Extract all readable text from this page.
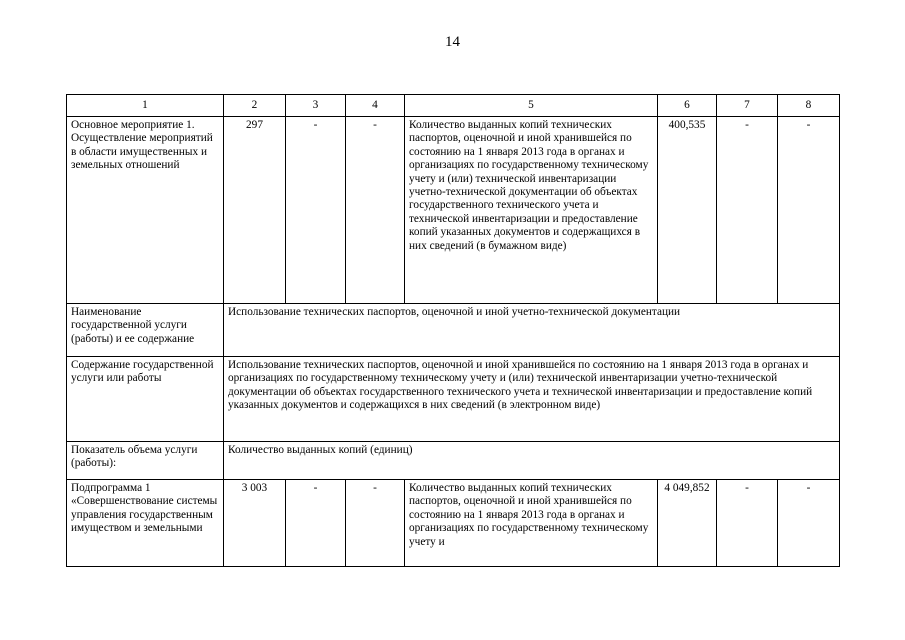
14
1	2	3	4	5	6	7	8
Основное мероприятие 1. Осуществление мероприятий в области имущественных и земельных отношений	297	-	-	Количество выданных копий технических паспортов, оценочной и иной хранившейся по состоянию на 1 января 2013 года в органах и организациях по государственному техническому учету и (или) технической инвентаризации учетно-технической документации об объектах государственного технического учета и технической инвентаризации и предоставление копий указанных документов и содержащихся в них сведений (в бумажном виде)	400,535	-	-
Наименование государственной услуги (работы) и ее содержание	Использование технических паспортов, оценочной и иной учетно-технической документации						
Содержание государственной услуги или работы	Использование технических паспортов, оценочной и иной хранившейся по состоянию на 1 января 2013 года в органах и организациях по государственному техническому учету и (или) технической инвентаризации учетно-технической документации об объектах государственного технического учета и технической инвентаризации и предоставление копий указанных документов и содержащихся в них сведений (в электронном виде)						
Показатель объема услуги (работы):	Количество выданных копий (единиц)						
Подпрограмма 1 «Совершенствование системы управления государственным имуществом и земельными	3 003	-	-	Количество выданных копий технических паспортов, оценочной и иной хранившейся по состоянию на 1 января 2013 года в органах и организациях по государственному техническому учету и	4 049,852	-	-
